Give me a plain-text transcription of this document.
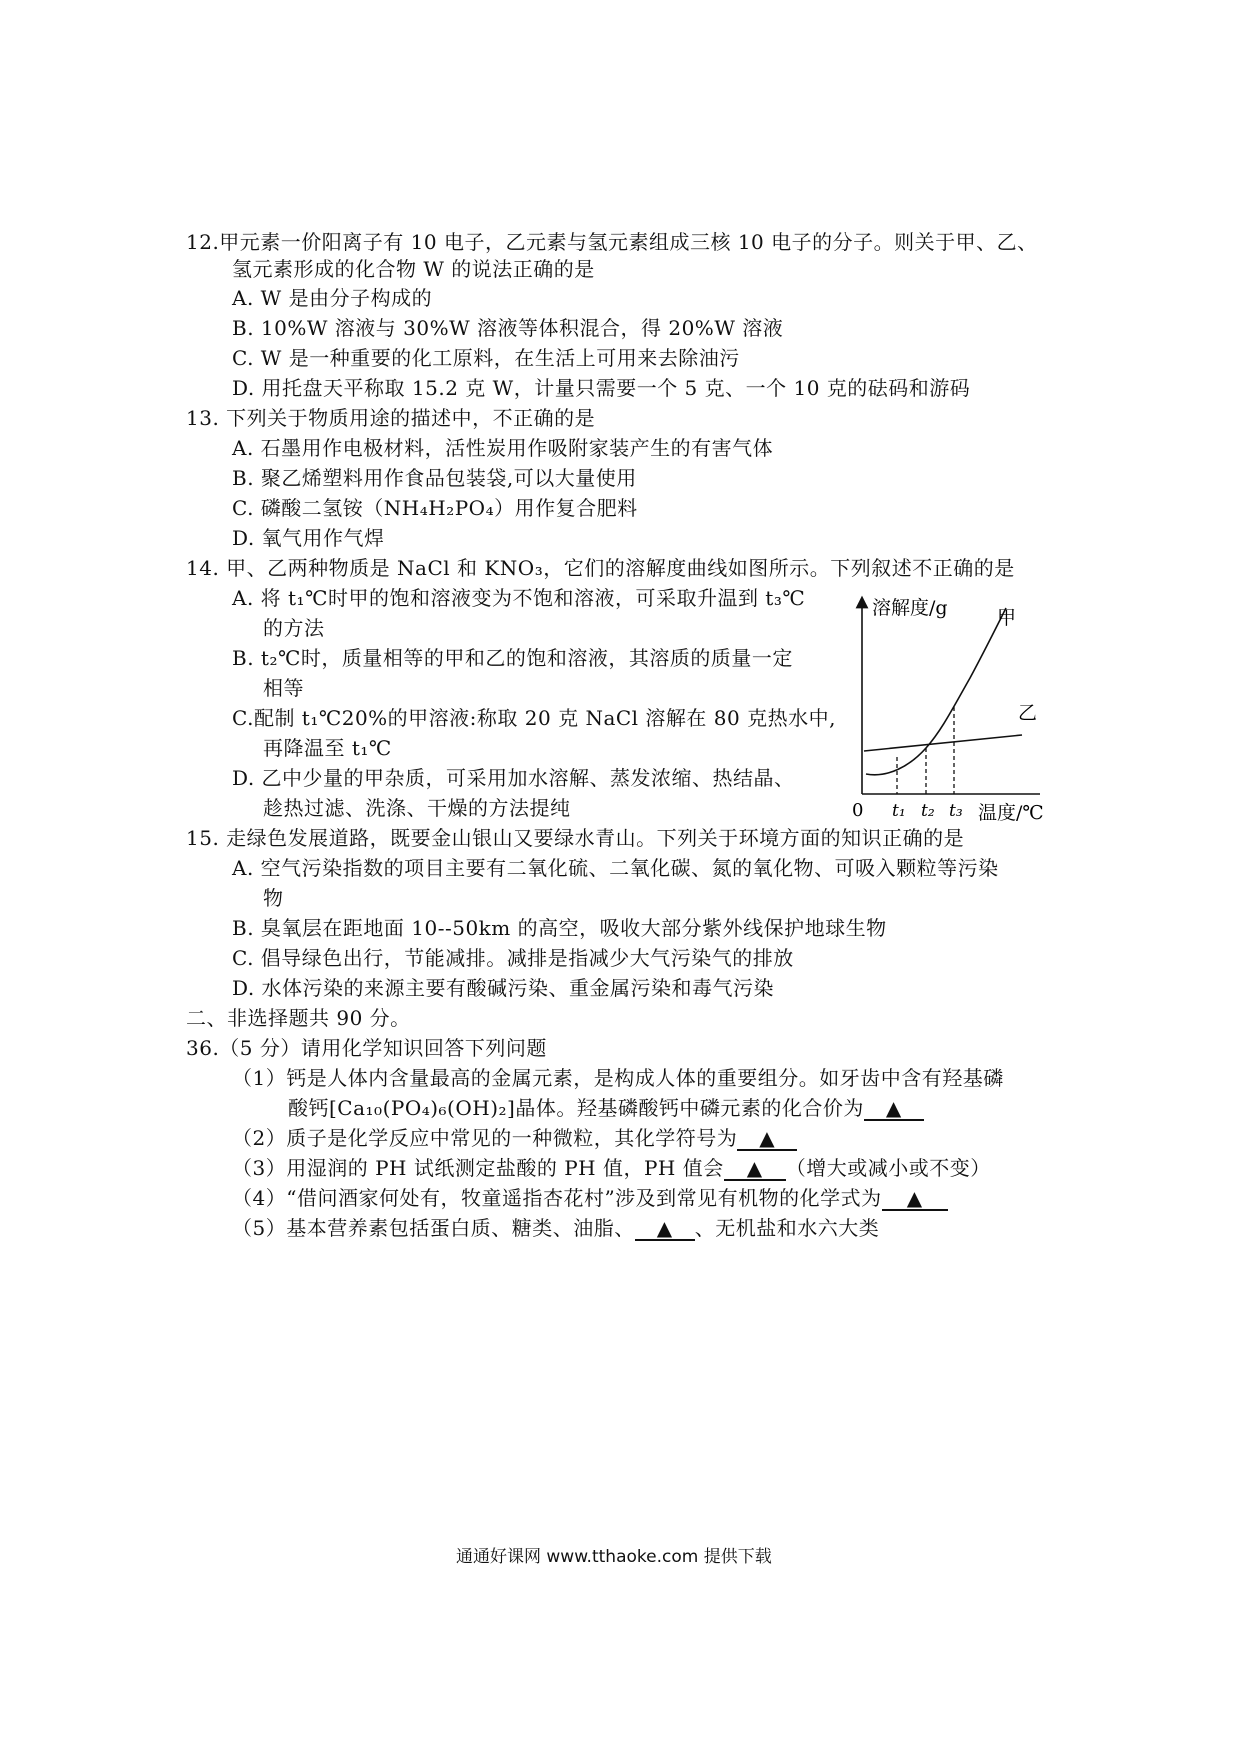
12.甲元素一价阳离子有 10 电子，乙元素与氢元素组成三核 10 电子的分子。则关于甲、乙、
氢元素形成的化合物 W 的说法正确的是
A. W 是由分子构成的
B. 10%W 溶液与 30%W 溶液等体积混合，得 20%W 溶液
C. W 是一种重要的化工原料，在生活上可用来去除油污
D. 用托盘天平称取 15.2 克 W，计量只需要一个 5 克、一个 10 克的砝码和游码
13. 下列关于物质用途的描述中，不正确的是
A. 石墨用作电极材料，活性炭用作吸附家装产生的有害气体
B. 聚乙烯塑料用作食品包装袋,可以大量使用
C. 磷酸二氢铵（NH₄H₂PO₄）用作复合肥料
D. 氧气用作气焊
14. 甲、乙两种物质是 NaCl 和 KNO₃，它们的溶解度曲线如图所示。下列叙述不正确的是
A. 将 t₁℃时甲的饱和溶液变为不饱和溶液，可采取升温到 t₃℃
的方法
B. t₂℃时，质量相等的甲和乙的饱和溶液，其溶质的质量一定
相等
C.配制 t₁℃20%的甲溶液:称取 20 克 NaCl 溶解在 80 克热水中,
再降温至 t₁℃
D. 乙中少量的甲杂质，可采用加水溶解、蒸发浓缩、热结晶、
趁热过滤、洗涤、干燥的方法提纯
溶解度/g
温度/℃
0 t₁ t₂ t₃
甲
乙
15. 走绿色发展道路，既要金山银山又要绿水青山。下列关于环境方面的知识正确的是
A. 空气污染指数的项目主要有二氧化硫、二氧化碳、氮的氧化物、可吸入颗粒等污染
物
B. 臭氧层在距地面 10--50km 的高空，吸收大部分紫外线保护地球生物
C. 倡导绿色出行，节能减排。减排是指减少大气污染气的排放
D. 水体污染的来源主要有酸碱污染、重金属污染和毒气污染
二、非选择题共 90 分。
36.（5 分）请用化学知识回答下列问题
（1）钙是人体内含量最高的金属元素，是构成人体的重要组分。如牙齿中含有羟基磷
酸钙[Ca₁₀(PO₄)₆(OH)₂]晶体。羟基磷酸钙中磷元素的化合价为 ▲
（2）质子是化学反应中常见的一种微粒，其化学符号为 ▲
（3）用湿润的 PH 试纸测定盐酸的 PH 值，PH 值会 ▲ （增大或减小或不变）
（4）“借问酒家何处有，牧童遥指杏花村”涉及到常见有机物的化学式为 ▲
（5）基本营养素包括蛋白质、糖类、油脂、 ▲ 、无机盐和水六大类
通通好课网 www.tthaoke.com 提供下载
